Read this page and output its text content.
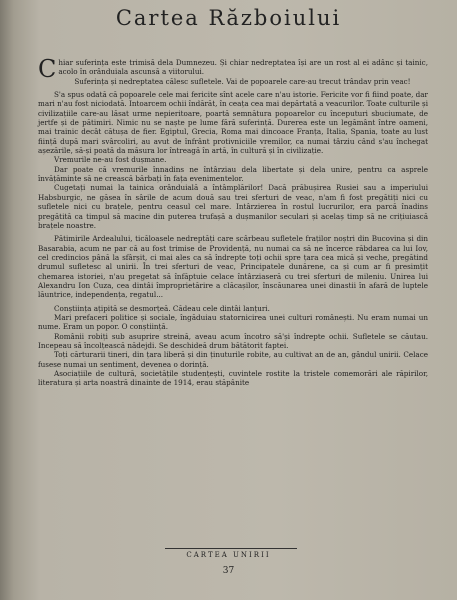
Cartea Războiului

Chiar suferința este trimisă dela Dumnezeu. Și chiar nedreptatea își are un rost al ei adânc și tainic, acolo în orânduiala ascunsă a viitorului.

Suferința și nedreptatea călesc sufletele. Vai de popoarele care-au trecut trândav prin veac!

S'a spus odată că popoarele cele mai fericite sînt acele care n'au istorie. Fericite vor fi fiind poate, dar mari n'au fost niciodată. Intoarcem ochii îndărăt, în ceața cea mai depărtată a veacurilor. Toate culturile și civilizațiile care-au lăsat urme nepieritoare, poartă semnătura popoarelor cu începuturi sbuciumate, de jertfe și de pătimiri. Nimic nu se naște pe lume fără suferință. Durerea este un legământ între oameni, mai trainic decât cătușa de fier. Egiptul, Grecia, Roma mai dincoace Franța, Italia, Spania, toate au lust ființă după mari svârcoliri, au avut de înfrânt protivniciile vremilor, ca numai târziu când s'au închegat așezările, să-și poată da măsura lor întreagă în artă, în cultură și în civilizație.

Vremurile ne-au fost dușmane.

Dar poate că vremurile înnadins ne întârziau dela libertate și dela unire, pentru ca asprele învățăminte să ne crească bărbați în fața evenimentelor.

Cugetați numai la tainica orânduială a întâmplărilor! Dacă prăbușirea Rusiei sau a imperiului Habsburgic, ne găsea în sârile de acum două sau trei sferturi de veac, n'am fi fost pregătiți nici cu sufletele nici cu brațele, pentru ceasul cel mare. Intârzierea în rostul lucrurilor, era parcă înadins pregătită ca timpul să macine din puterea trufașă a dușmanilor seculari și acelaș timp să ne crițiuiască brațele noastre.

Pătimirile Ardealului, ticăloasele nedreptăți care scârbeau sufletele fraților noștri din Bucovina și din Basarabia, acum ne par că au fost trimise de Providență, nu numai ca să ne încerce răbdarea ca lui Iov, cel credincios până la sfârșit, ci mai ales ca să îndrepte toți ochii spre țara cea mică și veche, pregătind drumul sufletesc al unirii. În trei sferturi de veac, Principatele dunărene, ca și cum ar fi presimțit chemarea istoriei, n'au pregetat să înfăptuie celace întârziaseră cu trei sferturi de mileniu. Unirea lui Alexandru Ion Cuza, cea dintâi împroprietărire a clăcașilor, înscăunarea unei dinastii în afară de luptele lăuntrice, independența, regatul...

Conștiința ațipită se desmorțeă. Cădeau cele dintâi lanțuri.

Mari prefaceri politice și sociale, îngăduiau statornicirea unei culturi românești. Nu eram numai un nume. Eram un popor. O conștiință.

Românii robiți sub asuprire streină, aveau acum încotro să'și îndrepte ochii. Sufletele se căutau. Incepeau să încolțească nădejdi. Se deschideă drum bătătorit faptei.

Toți cărturarii tineri, din țara liberă și din ținuturile robite, au cultivat an de an, gândul unirii. Celace fusese numai un sentiment, devenea o dorință.

Asociațiile de cultură, societățile studențești, cuvintele rostite la tristele comemorări ale răpirilor, literatura și arta noastră dinainte de 1914, erau stăpânite

CARTEA UNIRII
37
